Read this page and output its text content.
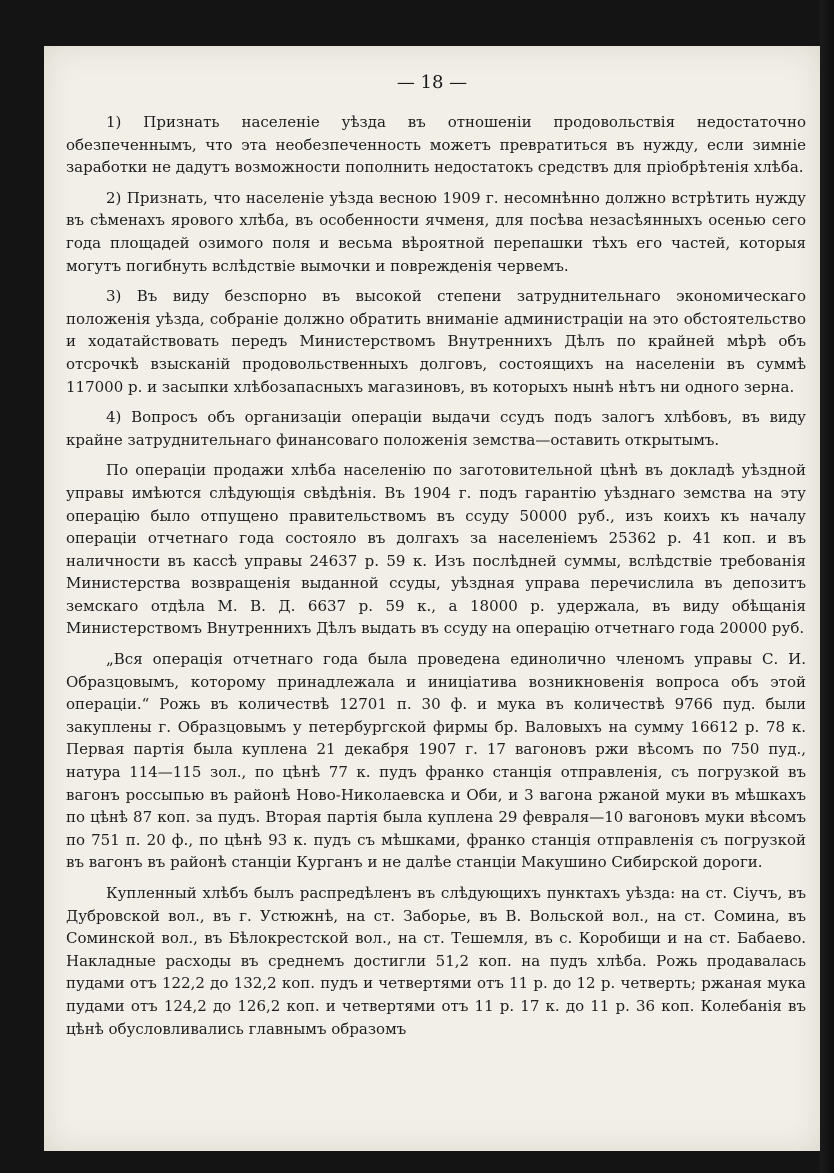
— 18 —

1) Признать населеніе уѣзда въ отношеніи продовольствія недостаточно обезпеченнымъ, что эта необезпеченность можетъ превратиться въ нужду, если зимніе заработки не дадутъ возможности пополнить недостатокъ средствъ для пріобрѣтенія хлѣба.

2) Признать, что населеніе уѣзда весною 1909 г. несомнѣнно должно встрѣтить нужду въ сѣменахъ ярового хлѣба, въ особенности ячменя, для посѣва незасѣянныхъ осенью сего года площадей озимого поля и весьма вѣроятной перепашки тѣхъ его частей, которыя могутъ погибнуть вслѣдствіе вымочки и поврежденія червемъ.

3) Въ виду безспорно въ высокой степени затруднительнаго экономическаго положенія уѣзда, собраніе должно обратить вниманіе администраціи на это обстоятельство и ходатайствовать передъ Министерствомъ Внутреннихъ Дѣлъ по крайней мѣрѣ объ отсрочкѣ взысканій продовольственныхъ долговъ, состоящихъ на населеніи въ суммѣ 117000 р. и засыпки хлѣбозапасныхъ магазиновъ, въ которыхъ нынѣ нѣтъ ни одного зерна.

4) Вопросъ объ организаціи операціи выдачи ссудъ подъ залогъ хлѣбовъ, въ виду крайне затруднительнаго финансоваго положенія земства—оставить открытымъ.

По операціи продажи хлѣба населенію по заготовительной цѣнѣ въ докладѣ уѣздной управы имѣются слѣдующія свѣдѣнія. Въ 1904 г. подъ гарантію уѣзднаго земства на эту операцію было отпущено правительствомъ въ ссуду 50000 руб., изъ коихъ къ началу операціи отчетнаго года состояло въ долгахъ за населеніемъ 25362 р. 41 коп. и въ наличности въ кассѣ управы 24637 р. 59 к. Изъ послѣдней суммы, вслѣдствіе требованія Министерства возвращенія выданной ссуды, уѣздная управа перечислила въ депозитъ земскаго отдѣла М. В. Д. 6637 р. 59 к., а 18000 р. удержала, въ виду обѣщанія Министерствомъ Внутреннихъ Дѣлъ выдать въ ссуду на операцію отчетнаго года 20000 руб.

„Вся операція отчетнаго года была проведена единолично членомъ управы С. И. Образцовымъ, которому принадлежала и иниціатива возникновенія вопроса объ этой операціи.“ Рожь въ количествѣ 12701 п. 30 ф. и мука въ количествѣ 9766 пуд. были закуплены г. Образцовымъ у петербургской фирмы бр. Валовыхъ на сумму 16612 р. 78 к. Первая партія была куплена 21 декабря 1907 г. 17 вагоновъ ржи вѣсомъ по 750 пуд., натура 114—115 зол., по цѣнѣ 77 к. пудъ франко станція отправленія, съ погрузкой въ вагонъ россыпью въ районѣ Ново-Николаевска и Оби, и 3 вагона ржаной муки въ мѣшкахъ по цѣнѣ 87 коп. за пудъ. Вторая партія была куплена 29 февраля—10 вагоновъ муки вѣсомъ по 751 п. 20 ф., по цѣнѣ 93 к. пудъ съ мѣшками, франко станція отправленія съ погрузкой въ вагонъ въ районѣ станціи Курганъ и не далѣе станціи Макушино Сибирской дороги.

Купленный хлѣбъ былъ распредѣленъ въ слѣдующихъ пунктахъ уѣзда: на ст. Сіучъ, въ Дубровской вол., въ г. Устюжнѣ, на ст. Заборье, въ В. Вольской вол., на ст. Сомина, въ Соминской вол., въ Бѣлокрестской вол., на ст. Тешемля, въ с. Коробищи и на ст. Бабаево. Накладные расходы въ среднемъ достигли 51,2 коп. на пудъ хлѣба. Рожь продавалась пудами отъ 122,2 до 132,2 коп. пудъ и четвертями отъ 11 р. до 12 р. четверть; ржаная мука пудами отъ 124,2 до 126,2 коп. и четвертями отъ 11 р. 17 к. до 11 р. 36 коп. Колебанія въ цѣнѣ обусловливались главнымъ образомъ
